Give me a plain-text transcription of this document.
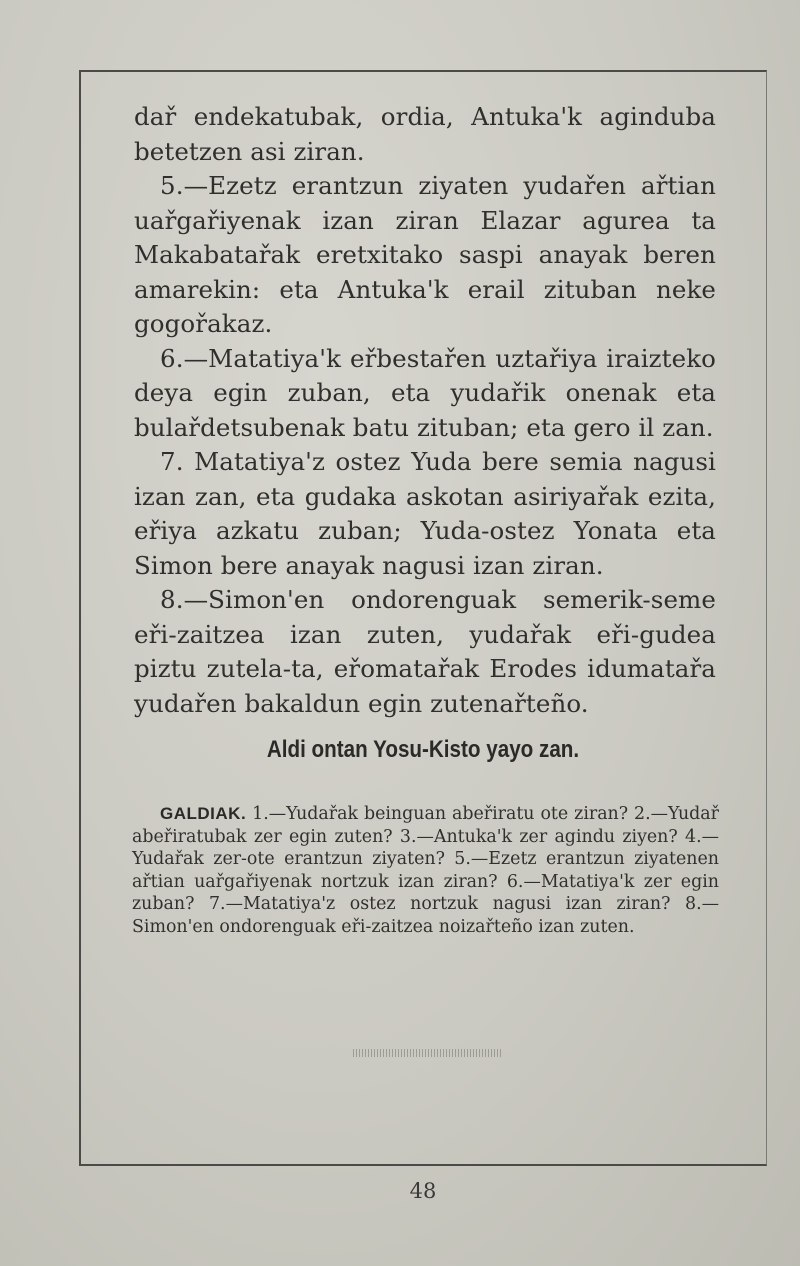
dař endekatubak, ordia, Antuka'k aginduba betetzen asi ziran.

5.—Ezetz erantzun ziyaten yudařen ařtian uařgařiyenak izan ziran Elazar agurea ta Makabatařak eretxitako saspi anayak beren amarekin: eta Antuka'k erail zituban neke gogořakaz.

6.—Matatiya'k eřbestařen uztařiya iraizteko deya egin zuban, eta yudařik onenak eta bulařdetsubenak batu zituban; eta gero il zan.

7. Matatiya'z ostez Yuda bere semia nagusi izan zan, eta gudaka askotan asiriyařak ezita, eřiya azkatu zuban; Yuda-ostez Yonata eta Simon bere anayak nagusi izan ziran.

8.—Simon'en ondorenguak semerik-seme eři-zaitzea izan zuten, yudařak eři-gudea piztu zutela-ta, eřomatařak Erodes idumatařa yudařen bakaldun egin zutenařteño.

Aldi ontan Yosu-Kisto yayo zan.

GALDIAK. 1.—Yudařak beinguan abeřiratu ote ziran? 2.—Yudař abeřiratubak zer egin zuten? 3.—Antuka'k zer agindu ziyen? 4.—Yudařak zer-ote erantzun ziyaten? 5.—Ezetz erantzun ziyatenen ařtian uařgařiyenak nortzuk izan ziran? 6.—Matatiya'k zer egin zuban? 7.—Matatiya'z ostez nortzuk nagusi izan ziran? 8.—Simon'en ondorenguak eři-zaitzea noizařteño izan zuten.

48
